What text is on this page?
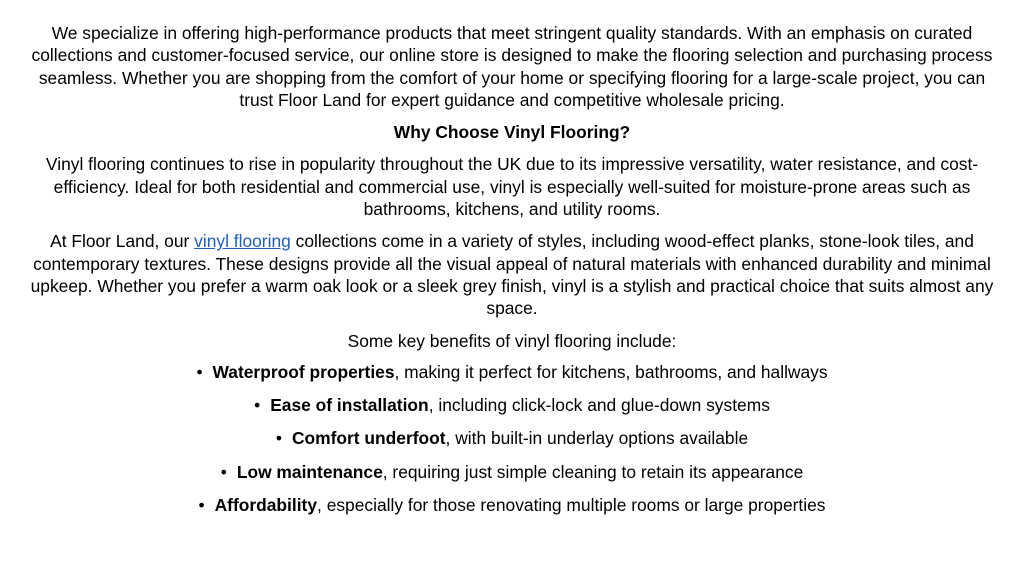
We specialize in offering high-performance products that meet stringent quality standards. With an emphasis on curated collections and customer-focused service, our online store is designed to make the flooring selection and purchasing process seamless. Whether you are shopping from the comfort of your home or specifying flooring for a large-scale project, you can trust Floor Land for expert guidance and competitive wholesale pricing.

Why Choose Vinyl Flooring?

Vinyl flooring continues to rise in popularity throughout the UK due to its impressive versatility, water resistance, and cost-efficiency. Ideal for both residential and commercial use, vinyl is especially well-suited for moisture-prone areas such as bathrooms, kitchens, and utility rooms.

At Floor Land, our vinyl flooring collections come in a variety of styles, including wood-effect planks, stone-look tiles, and contemporary textures. These designs provide all the visual appeal of natural materials with enhanced durability and minimal upkeep. Whether you prefer a warm oak look or a sleek grey finish, vinyl is a stylish and practical choice that suits almost any space.

Some key benefits of vinyl flooring include:

• Waterproof properties, making it perfect for kitchens, bathrooms, and hallways
• Ease of installation, including click-lock and glue-down systems
• Comfort underfoot, with built-in underlay options available
• Low maintenance, requiring just simple cleaning to retain its appearance
• Affordability, especially for those renovating multiple rooms or large properties
